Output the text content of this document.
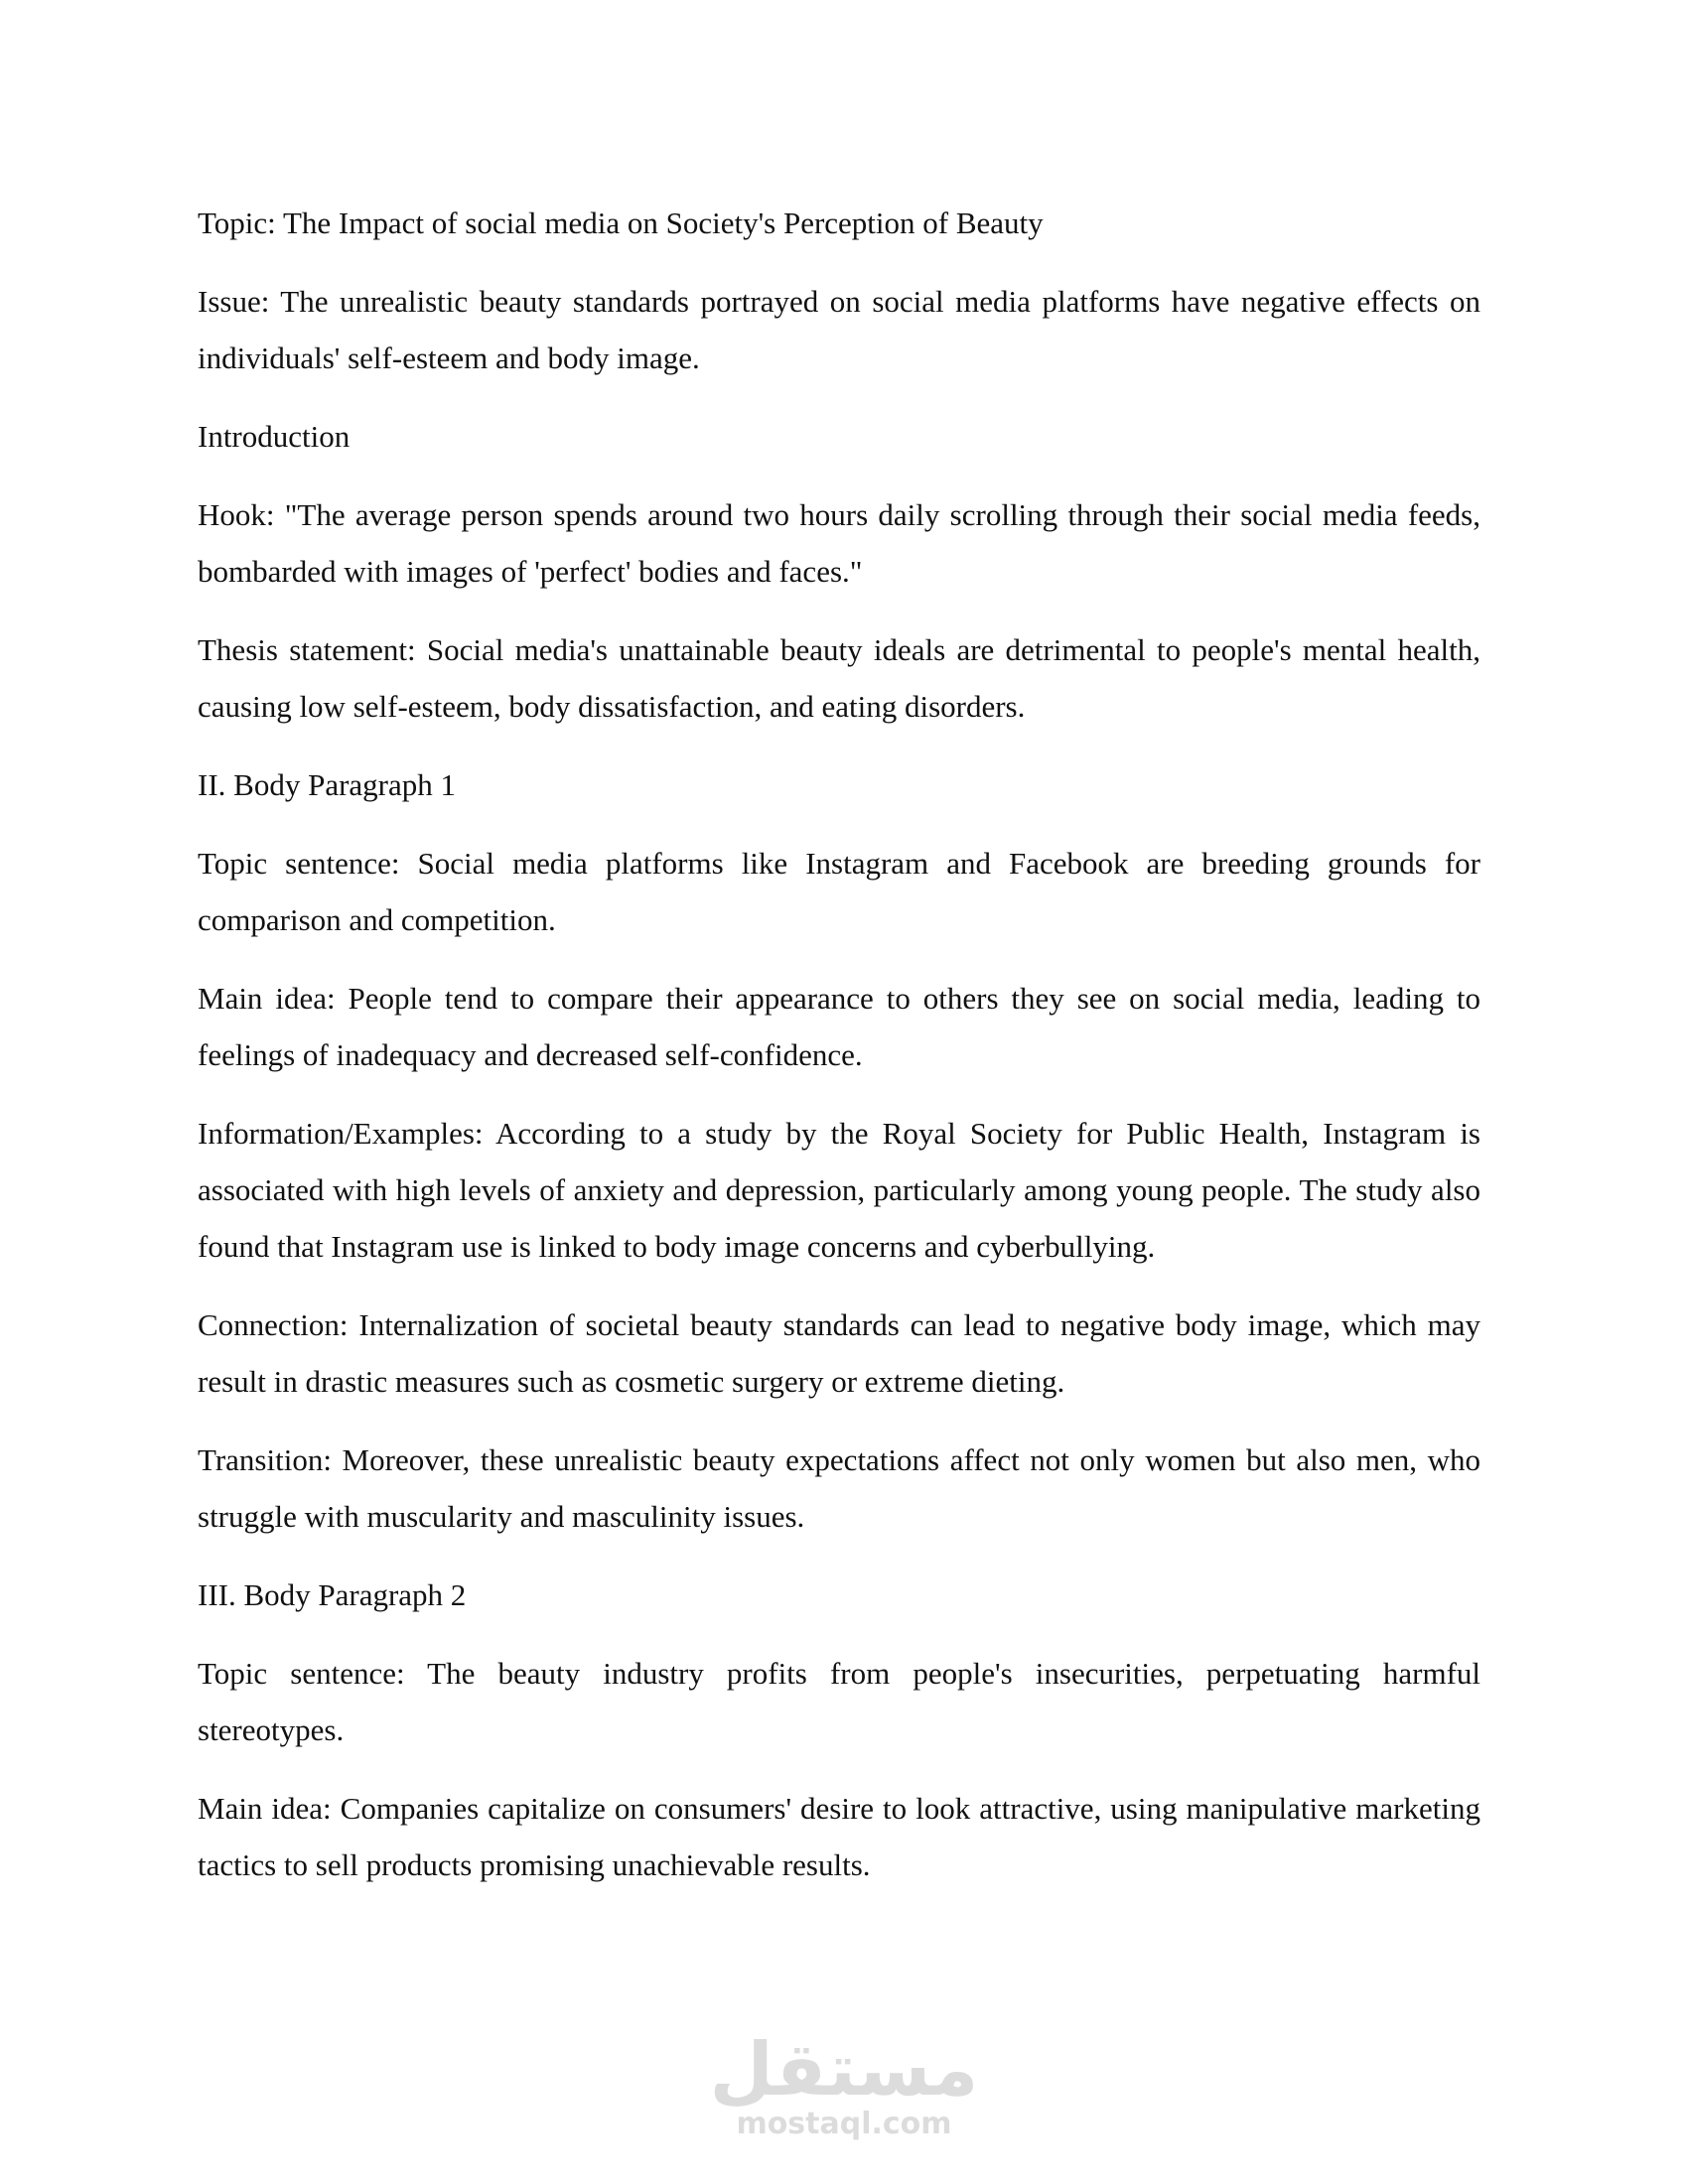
Topic: The Impact of social media on Society's Perception of Beauty

Issue: The unrealistic beauty standards portrayed on social media platforms have negative effects on individuals' self-esteem and body image.

Introduction

Hook: "The average person spends around two hours daily scrolling through their social media feeds, bombarded with images of 'perfect' bodies and faces."

Thesis statement: Social media's unattainable beauty ideals are detrimental to people's mental health, causing low self-esteem, body dissatisfaction, and eating disorders.

II. Body Paragraph 1

Topic sentence: Social media platforms like Instagram and Facebook are breeding grounds for comparison and competition.

Main idea: People tend to compare their appearance to others they see on social media, leading to feelings of inadequacy and decreased self-confidence.

Information/Examples: According to a study by the Royal Society for Public Health, Instagram is associated with high levels of anxiety and depression, particularly among young people. The study also found that Instagram use is linked to body image concerns and cyberbullying.

Connection: Internalization of societal beauty standards can lead to negative body image, which may result in drastic measures such as cosmetic surgery or extreme dieting.

Transition: Moreover, these unrealistic beauty expectations affect not only women but also men, who struggle with muscularity and masculinity issues.

III. Body Paragraph 2

Topic sentence: The beauty industry profits from people's insecurities, perpetuating harmful stereotypes.

Main idea: Companies capitalize on consumers' desire to look attractive, using manipulative marketing tactics to sell products promising unachievable results.

مستقل
mostaql.com
